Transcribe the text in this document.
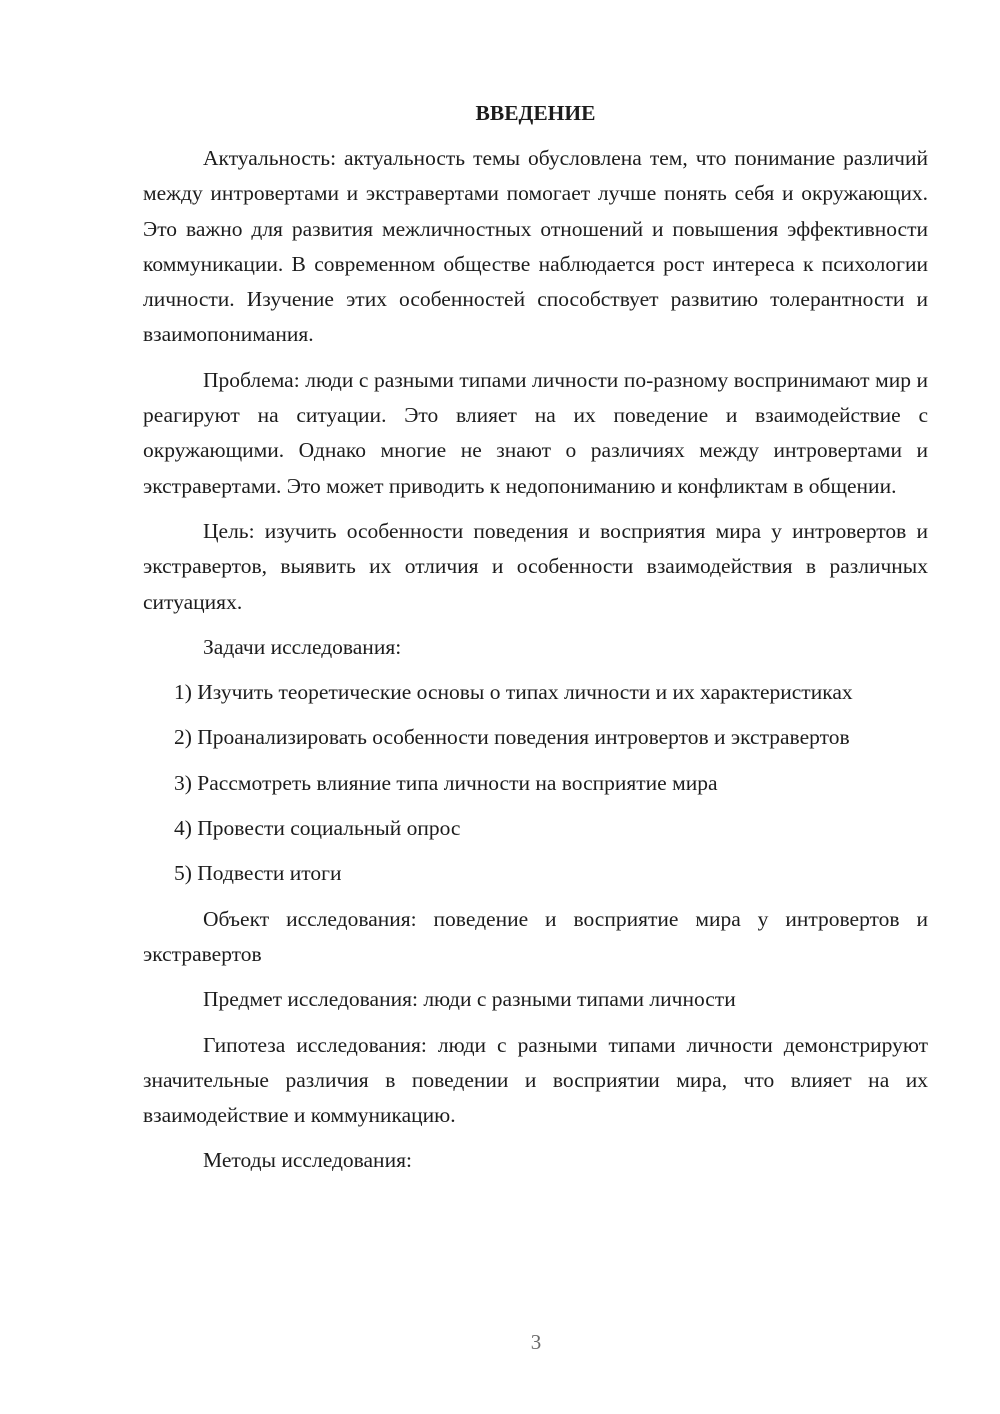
ВВЕДЕНИЕ

Актуальность: актуальность темы обусловлена тем, что понимание различий между интровертами и экстравертами помогает лучше понять себя и окружающих. Это важно для развития межличностных отношений и повышения эффективности коммуникации. В современном обществе наблюдается рост интереса к психологии личности. Изучение этих особенностей способствует развитию толерантности и взаимопонимания.

Проблема: люди с разными типами личности по-разному воспринимают мир и реагируют на ситуации. Это влияет на их поведение и взаимодействие с окружающими. Однако многие не знают о различиях между интровертами и экстравертами. Это может приводить к недопониманию и конфликтам в общении.

Цель: изучить особенности поведения и восприятия мира у интровертов и экстравертов, выявить их отличия и особенности взаимодействия в различных ситуациях.

Задачи исследования:

1) Изучить теоретические основы о типах личности и их характеристиках

2) Проанализировать особенности поведения интровертов и экстравертов

3) Рассмотреть влияние типа личности на восприятие мира

4) Провести социальный опрос

5) Подвести итоги

Объект исследования: поведение и восприятие мира у интровертов и экстравертов

Предмет исследования: люди с разными типами личности

Гипотеза исследования: люди с разными типами личности демонстрируют значительные различия в поведении и восприятии мира, что влияет на их взаимодействие и коммуникацию.

Методы исследования:

3
